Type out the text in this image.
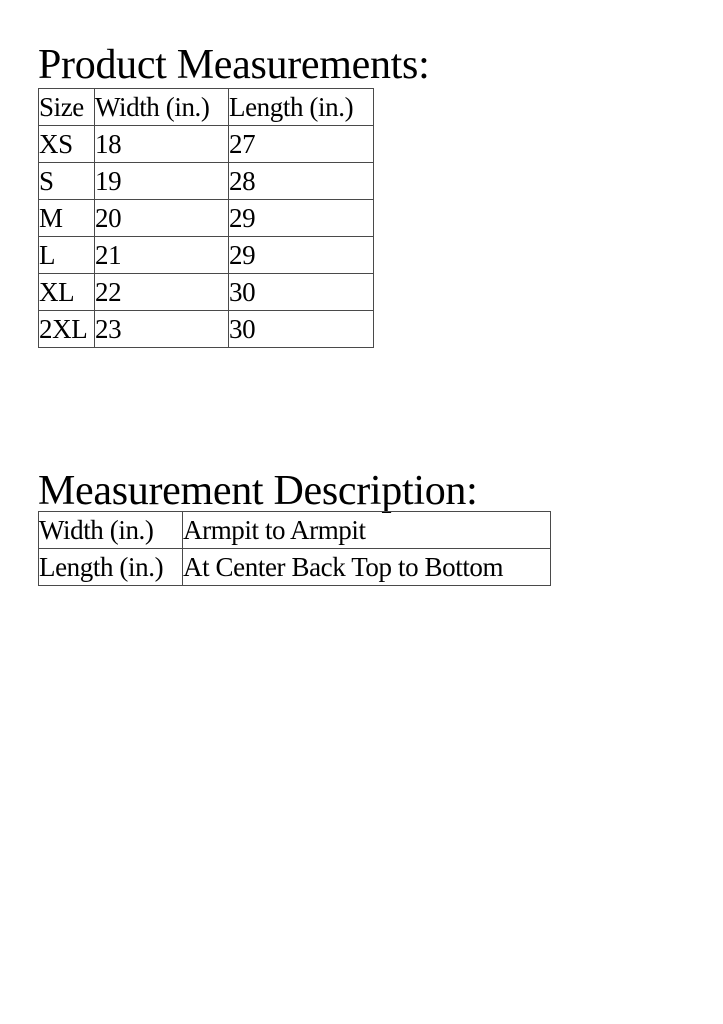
Product Measurements:
Size	Width (in.)	Length (in.)
XS	18	27
S	19	28
M	20	29
L	21	29
XL	22	30
2XL	23	30
Measurement Description:
Width (in.)	Armpit to Armpit
Length (in.)	At Center Back Top to Bottom
